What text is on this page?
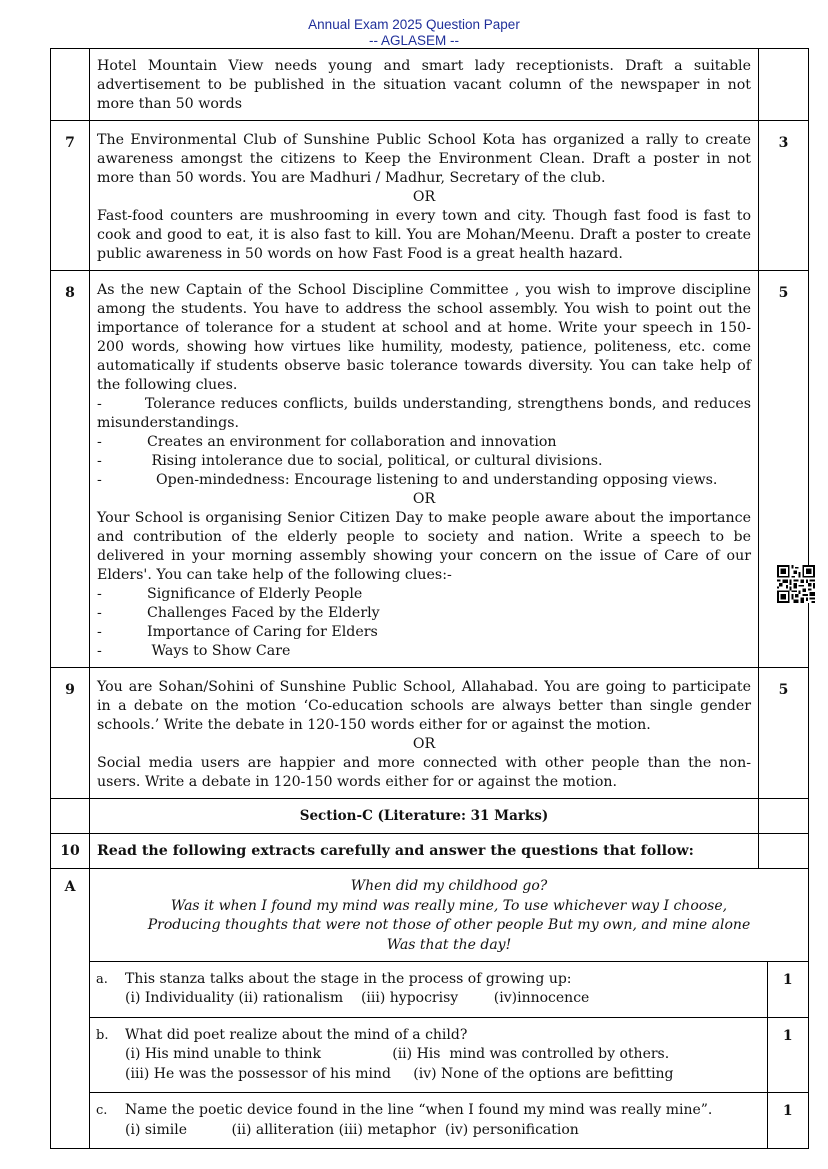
Annual Exam 2025 Question Paper
-- AGLASEM --

Hotel Mountain View needs young and smart lady receptionists. Draft a suitable advertisement to be published in the situation vacant column of the newspaper in not more than 50 words

7	The Environmental Club of Sunshine Public School Kota has organized a rally to create awareness amongst the citizens to Keep the Environment Clean. Draft a poster in not more than 50 words. You are Madhuri / Madhur, Secretary of the club.

OR

Fast-food counters are mushrooming in every town and city. Though fast food is fast to cook and good to eat, it is also fast to kill. You are Mohan/Meenu. Draft a poster to create public awareness in 50 words on how Fast Food is a great health hazard.

	3
8	As the new Captain of the School Discipline Committee , you wish to improve discipline among the students. You have to address the school assembly. You wish to point out the importance of tolerance for a student at school and at home. Write your speech in 150-200 words, showing how virtues like humility, modesty, patience, politeness, etc. come automatically if students observe basic tolerance towards diversity. You can take help of the following clues.

-        Tolerance reduces conflicts, builds understanding, strengthens bonds, and reduces misunderstandings.

-	Creates an environment for collaboration and innovation
-	Rising intolerance due to social, political, or cultural divisions.
-	Open-mindedness: Encourage listening to and understanding opposing views.

OR

Your School is organising Senior Citizen Day to make people aware about the importance and contribution of the elderly people to society and nation. Write a speech to be delivered in your morning assembly showing your concern on the issue of Care of our Elders'. You can take help of the following clues:-

-	Significance of Elderly People
-	Challenges Faced by the Elderly
-	Importance of Caring for Elders
-	Ways to Show Care
	5
9	You are Sohan/Sohini of Sunshine Public School, Allahabad. You are going to participate in a debate on the motion ‘Co-education schools are always better than single gender schools.’ Write the debate in 120-150 words either for or against the motion.

OR

Social media users are happier and more connected with other people than the non- users. Write a debate in 120-150 words either for or against the motion.

	5
	Section-C (Literature: 31 Marks)	
10	Read the following extracts carefully and answer the questions that follow:	
A		When did my childhood go?
Was it when I found my mind was really mine, To use whichever way I choose,
Producing thoughts that were not those of other people But my own, and mine alone
Was that the day!

a.	This stanza talks about the stage in the process of growing up:
(i) Individuality (ii) rationalism    (iii) hypocrisy        (iv)innocence
	1

b.	What did poet realize about the mind of a child?
(i) His mind unable to think                (ii) His  mind was controlled by others.
(iii) He was the possessor of his mind     (iv) None of the options are befitting
	1

c.	Name the poetic device found in the line “when I found my mind was really mine”.
(i) simile          (ii) alliteration (iii) metaphor  (iv) personification
	1
